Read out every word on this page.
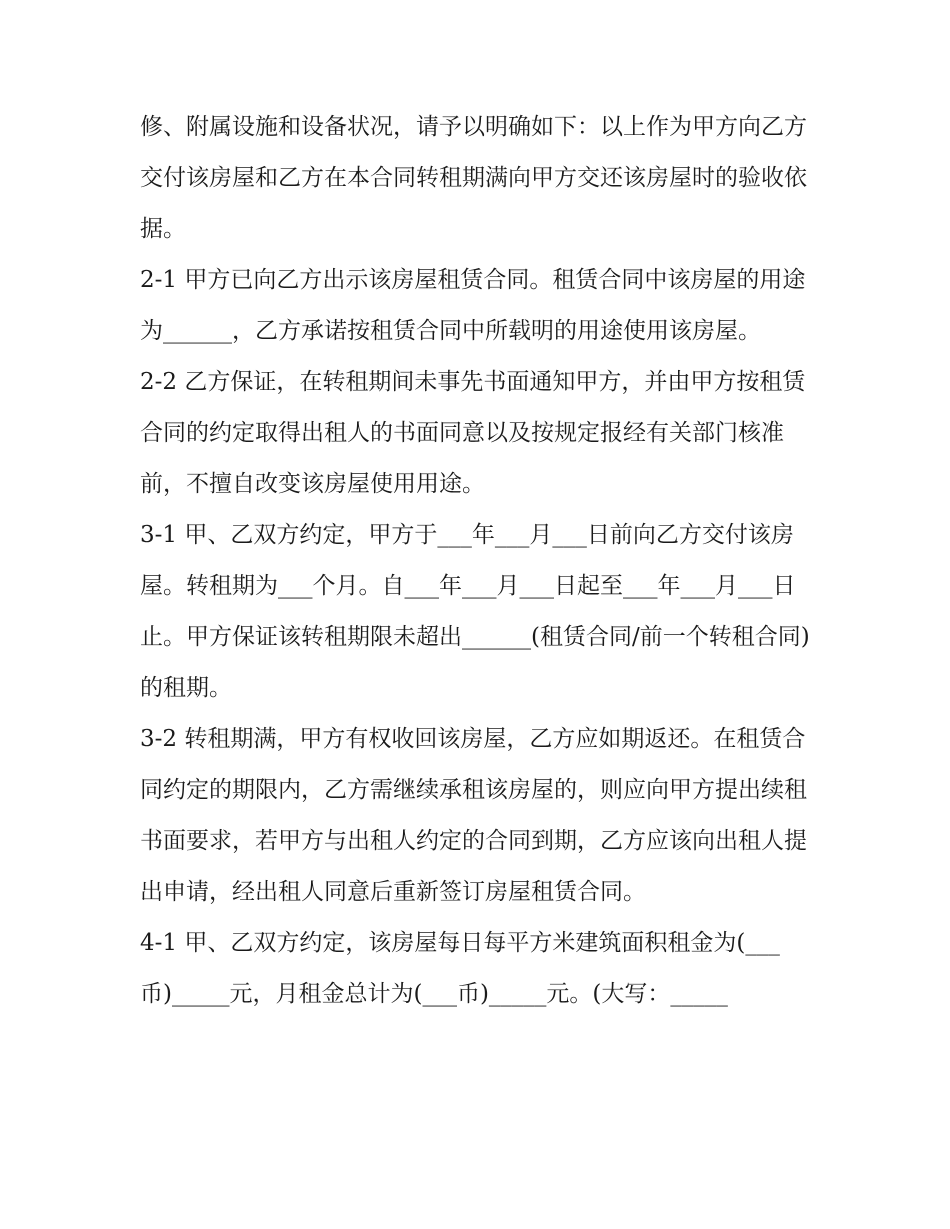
修、附属设施和设备状况，请予以明确如下：以上作为甲方向乙方交付该房屋和乙方在本合同转租期满向甲方交还该房屋时的验收依据。

2-1 甲方已向乙方出示该房屋租赁合同。租赁合同中该房屋的用途为______，乙方承诺按租赁合同中所载明的用途使用该房屋。

2-2 乙方保证，在转租期间未事先书面通知甲方，并由甲方按租赁合同的约定取得出租人的书面同意以及按规定报经有关部门核准前，不擅自改变该房屋使用用途。

3-1 甲、乙双方约定，甲方于___年___月___日前向乙方交付该房屋。转租期为___个月。自___年___月___日起至___年___月___日止。甲方保证该转租期限未超出______(租赁合同/前一个转租合同)的租期。

3-2 转租期满，甲方有权收回该房屋，乙方应如期返还。在租赁合同约定的期限内，乙方需继续承租该房屋的，则应向甲方提出续租书面要求，若甲方与出租人约定的合同到期，乙方应该向出租人提出申请，经出租人同意后重新签订房屋租赁合同。

4-1 甲、乙双方约定，该房屋每日每平方米建筑面积租金为(___币)_____元，月租金总计为(___币)_____元。(大写：_____
